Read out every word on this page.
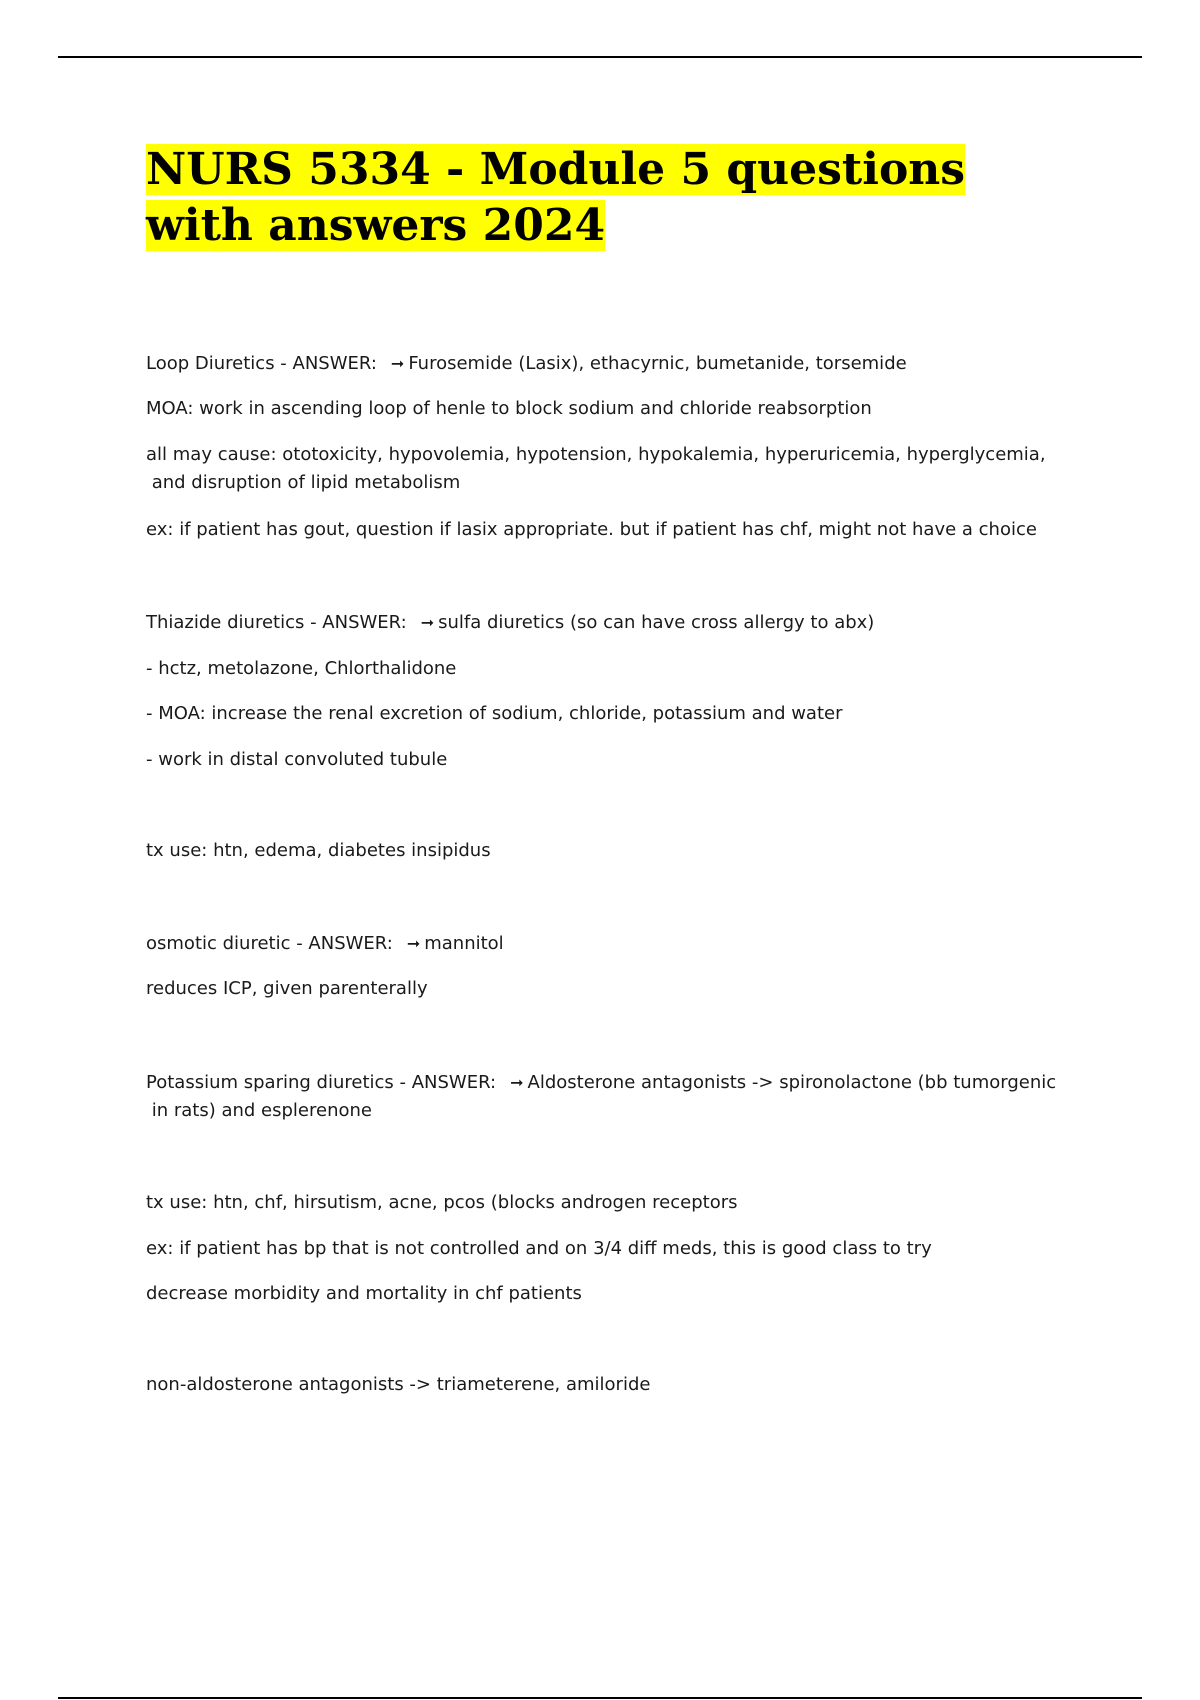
NURS 5334 - Module 5 questions with answers 2024

Loop Diuretics - ANSWER: ➞ Furosemide (Lasix), ethacyrnic, bumetanide, torsemide

MOA: work in ascending loop of henle to block sodium and chloride reabsorption

all may cause: ototoxicity, hypovolemia, hypotension, hypokalemia, hyperuricemia, hyperglycemia,

and disruption of lipid metabolism

ex: if patient has gout, question if lasix appropriate. but if patient has chf, might not have a choice

Thiazide diuretics - ANSWER: ➞ sulfa diuretics (so can have cross allergy to abx)

- hctz, metolazone, Chlorthalidone

- MOA: increase the renal excretion of sodium, chloride, potassium and water

- work in distal convoluted tubule

tx use: htn, edema, diabetes insipidus

osmotic diuretic - ANSWER: ➞ mannitol

reduces ICP, given parenterally

Potassium sparing diuretics - ANSWER: ➞ Aldosterone antagonists -> spironolactone (bb tumorgenic

in rats) and esplerenone

tx use: htn, chf, hirsutism, acne, pcos (blocks androgen receptors

ex: if patient has bp that is not controlled and on 3/4 diff meds, this is good class to try

decrease morbidity and mortality in chf patients

non-aldosterone antagonists -> triameterene, amiloride
